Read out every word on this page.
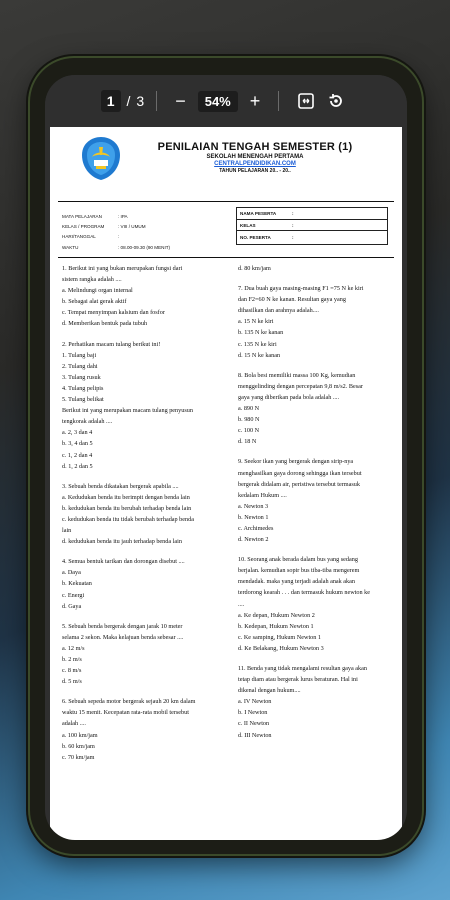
1 / 3	−	54%	+
PENILAIAN TENGAH SEMESTER (1)
SEKOLAH MENENGAH PERTAMA
CENTRALPENDIDIKAN.COM
TAHUN PELAJARAN 20.. - 20..
MATA PELAJARAN	: IPA
KELAS / PROGRAM	: VIII / UMUM
HARI/TANGGAL	:
WAKTU	: 08.00-09.30 (90 MENIT)
NAMA PESERTA	:
KELAS	:
NO. PESERTA	:

1. Berikut ini yang bukan merupakan fungsi dari

sistem rangka adalah ....

a. Melindungi organ internal

b. Sebagai alat gerak aktif

c. Tempat menyimpan kalsium dan fosfor

d. Memberikan bentuk pada tubuh

2. Perhatikan macam tulang berikut ini!

1. Tulang baji

2. Tulang dahi

3. Tulang rusuk

4. Tulang pelipis

5. Tulang belikat

Berikut ini yang merupakan macam tulang penyusun

tengkorak adalah ....

a. 2, 3 dan 4

b. 3, 4 dan 5

c. 1, 2 dan 4

d. 1, 2 dan 5

3. Sebuah benda dikatakan bergerak apabila ....

a. Kedudukan benda itu berimpit dengan benda lain

b. kedudukan benda itu berubah terhadap benda lain

c. kedudukan benda itu tidak berubah terhadap benda

lain

d. kedudukan benda itu jauh terhadap benda lain

4. Semua bentuk tarikan dan dorongan disebut ....

a. Daya

b. Kekuatan

c. Energi

d. Gaya

5. Sebuah benda bergerak dengan jarak 10 meter

selama 2 sekon. Maka kelajuan benda sebesar ....

a. 12 m/s

b. 2 m/s

c. 8 m/s

d. 5 m/s

6. Sebuah sepeda motor bergerak sejauh 20 km dalam

waktu 15 menit. Kecepatan rata-rata mobil tersebut

adalah ....

a. 100 km/jam

b. 60 km/jam

c. 70 km/jam

d. 80 km/jam

7. Dua buah gaya masing-masing F1 =75 N ke kiri

dan F2=60 N ke kanan. Resultan gaya yang

dihasilkan dan arahnya adalah....

a. 15 N ke kiri

b. 135 N ke kanan

c. 135 N ke kiri

d. 15 N ke kanan

8. Bola besi memiliki massa 100 Kg, kemudian

menggelinding dengan percepatan 9,8 m/s2. Besar

gaya yang diberikan pada bola adalah ....

a. 890 N

b. 980 N

c. 100 N

d. 18 N

9. Seekor ikan yang bergerak dengan sirip-nya

menghasilkan gaya dorong sehingga ikan tersebut

bergerak didalam air, peristiwa tersebut termasuk

kedalam Hukum ....

a. Newton 3

b. Newton 1

c. Archimedes

d. Newton 2

10. Seorang anak berada dalam bus yang sedang

berjalan. kemudian sopir bus tiba-tiba mengerem

mendadak. maka yang terjadi adalah anak akan

terdorong kearah . . . dan termasuk hukum newton ke

....

a. Ke depan, Hukum Newton 2

b. Kedepan, Hukum Newton 1

c. Ke samping, Hukum Newton 1

d. Ke Belakang, Hukum Newton 3

11. Benda yang tidak mengalami resultan gaya akan

tetap diam atau bergerak lurus beraturan. Hal ini

dikenal dengan hukum....

a. IV Newton

b. I Newton

c. II Newton

d. III Newton
